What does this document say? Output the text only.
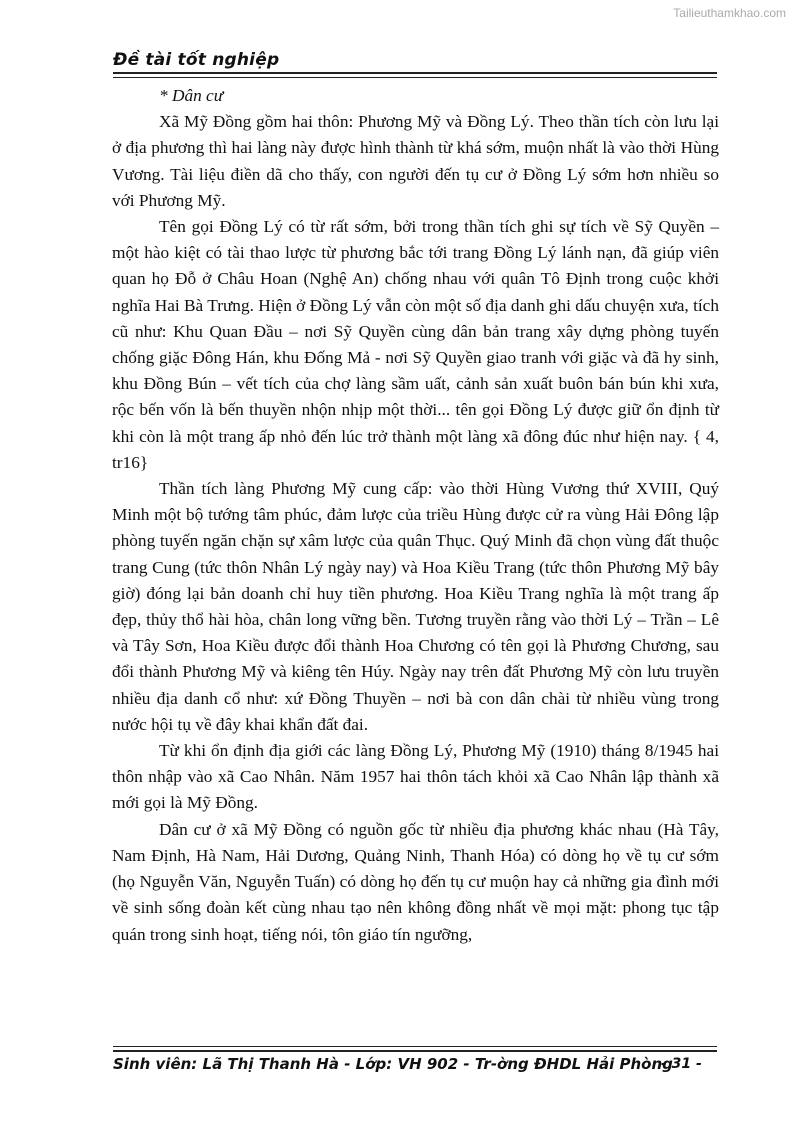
Tailieuthamkhao.com
Đề tài tốt nghiệp

* Dân cư

Xã Mỹ Đồng gồm hai thôn: Phương Mỹ và Đồng Lý. Theo thần tích còn lưu lại ở địa phương thì hai làng này được hình thành từ khá sớm, muộn nhất là vào thời Hùng Vương. Tài liệu điền dã cho thấy, con người đến tụ cư ở Đồng Lý sớm hơn nhiều so với Phương Mỹ.

Tên gọi Đồng Lý có từ rất sớm, bởi trong thần tích ghi sự tích về Sỹ Quyền – một hào kiệt có tài thao lược từ phương bắc tới trang Đồng Lý lánh nạn, đã giúp viên quan họ Đỗ ở Châu Hoan (Nghệ An) chống nhau với quân Tô Định trong cuộc khởi nghĩa Hai Bà Trưng. Hiện ở Đồng Lý vẫn còn một số địa danh ghi dấu chuyện xưa, tích cũ như: Khu Quan Đầu – nơi Sỹ Quyền cùng dân bản trang xây dựng phòng tuyến chống giặc Đông Hán, khu Đống Mả - nơi Sỹ Quyền giao tranh với giặc và đã hy sinh, khu Đồng Bún – vết tích của chợ làng sầm uất, cảnh sản xuất buôn bán bún khi xưa, rộc bến vốn là bến thuyền nhộn nhịp một thời... tên gọi Đồng Lý được giữ ổn định từ khi còn là một trang ấp nhỏ đến lúc trở thành một làng xã đông đúc như hiện nay. { 4, tr16}

Thần tích làng Phương Mỹ cung cấp: vào thời Hùng Vương thứ XVIII, Quý Minh một bộ tướng tâm phúc, đảm lược của triều Hùng được cử ra vùng Hải Đông lập phòng tuyến ngăn chặn sự xâm lược của quân Thục. Quý Minh đã chọn vùng đất thuộc trang Cung (tức thôn Nhân Lý ngày nay) và Hoa Kiều Trang (tức thôn Phương Mỹ bây giờ) đóng lại bản doanh chỉ huy tiền phương. Hoa Kiều Trang nghĩa là một trang ấp đẹp, thủy thổ hài hòa, chân long vững bền. Tương truyền rằng vào thời Lý – Trần – Lê và Tây Sơn, Hoa Kiều được đổi thành Hoa Chương có tên gọi là Phương Chương, sau đổi thành Phương Mỹ và kiêng tên Húy. Ngày nay trên đất Phương Mỹ còn lưu truyền nhiều địa danh cổ như: xứ Đồng Thuyền – nơi bà con dân chài từ nhiều vùng trong nước hội tụ về đây khai khẩn đất đai.

Từ khi ổn định địa giới các làng Đồng Lý, Phương Mỹ (1910) tháng 8/1945 hai thôn nhập vào xã Cao Nhân. Năm 1957 hai thôn tách khỏi xã Cao Nhân lập thành xã mới gọi là Mỹ Đồng.

Dân cư ở xã Mỹ Đồng có nguồn gốc từ nhiều địa phương khác nhau (Hà Tây, Nam Định, Hà Nam, Hải Dương, Quảng Ninh, Thanh Hóa) có dòng họ về tụ cư sớm (họ Nguyễn Văn, Nguyễn Tuấn) có dòng họ đến tụ cư muộn hay cả những gia đình mới về sinh sống đoàn kết cùng nhau tạo nên không đồng nhất về mọi mặt: phong tục tập quán trong sinh hoạt, tiếng nói, tôn giáo tín ngưỡng,

Sinh viên: Lã Thị Thanh Hà - Lớp: VH 902 - Tr-ờng ĐHDL Hải Phòng
- 31 -
